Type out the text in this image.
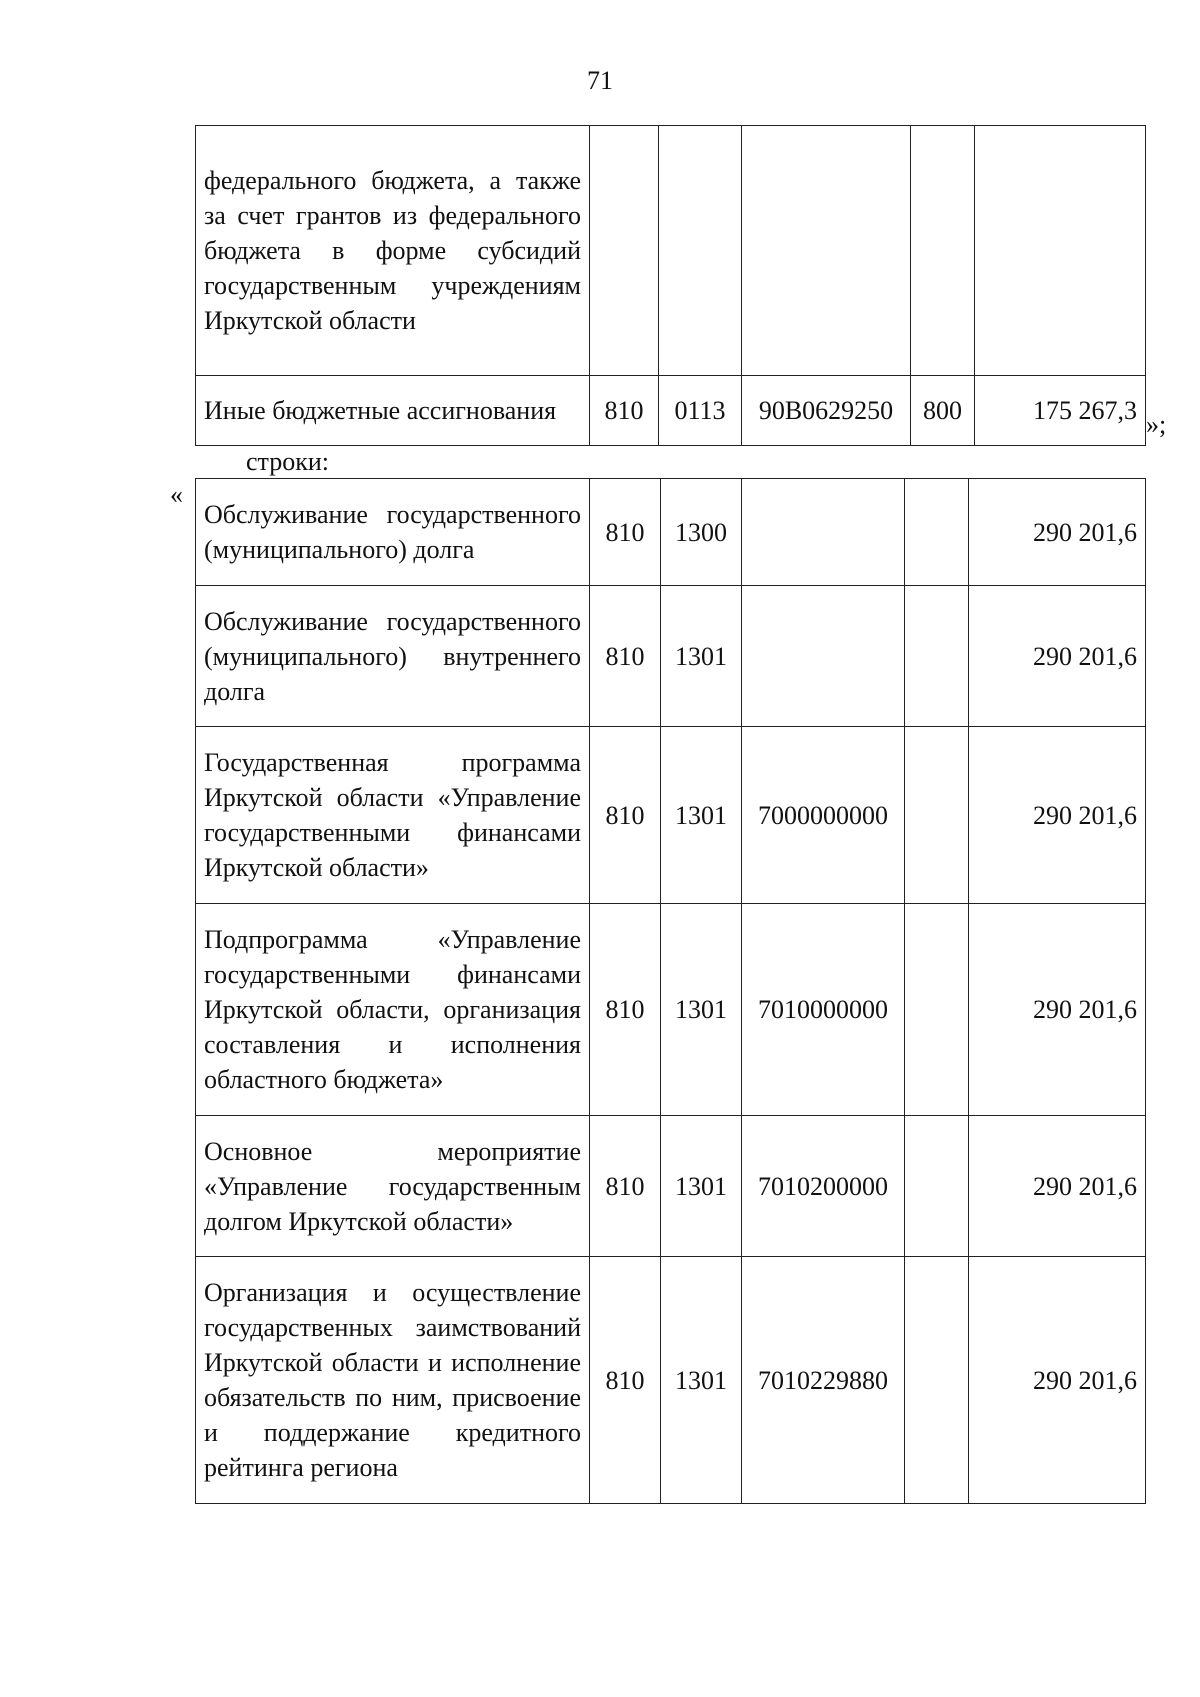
71
федерального бюджета, а также за счет грантов из федерального бюджета в форме субсидий государственным учреждениям Иркутской области					
Иные бюджетные ассигнования	810	0113	90В0629250	800	175 267,3 »;
строки:
«
Обслуживание государственного (муниципального) долга	810	1300			290 201,6
Обслуживание государственного (муниципального) внутреннего долга	810	1301			290 201,6
Государственная программа Иркутской области «Управление государственными финансами Иркутской области»	810	1301	7000000000		290 201,6
Подпрограмма «Управление государственными финансами Иркутской области, организация составления и исполнения областного бюджета»	810	1301	7010000000		290 201,6
Основное мероприятие «Управление государственным долгом Иркутской области»	810	1301	7010200000		290 201,6
Организация и осуществление государственных заимствований Иркутской области и исполнение обязательств по ним, присвоение и поддержание кредитного рейтинга региона	810	1301	7010229880		290 201,6
